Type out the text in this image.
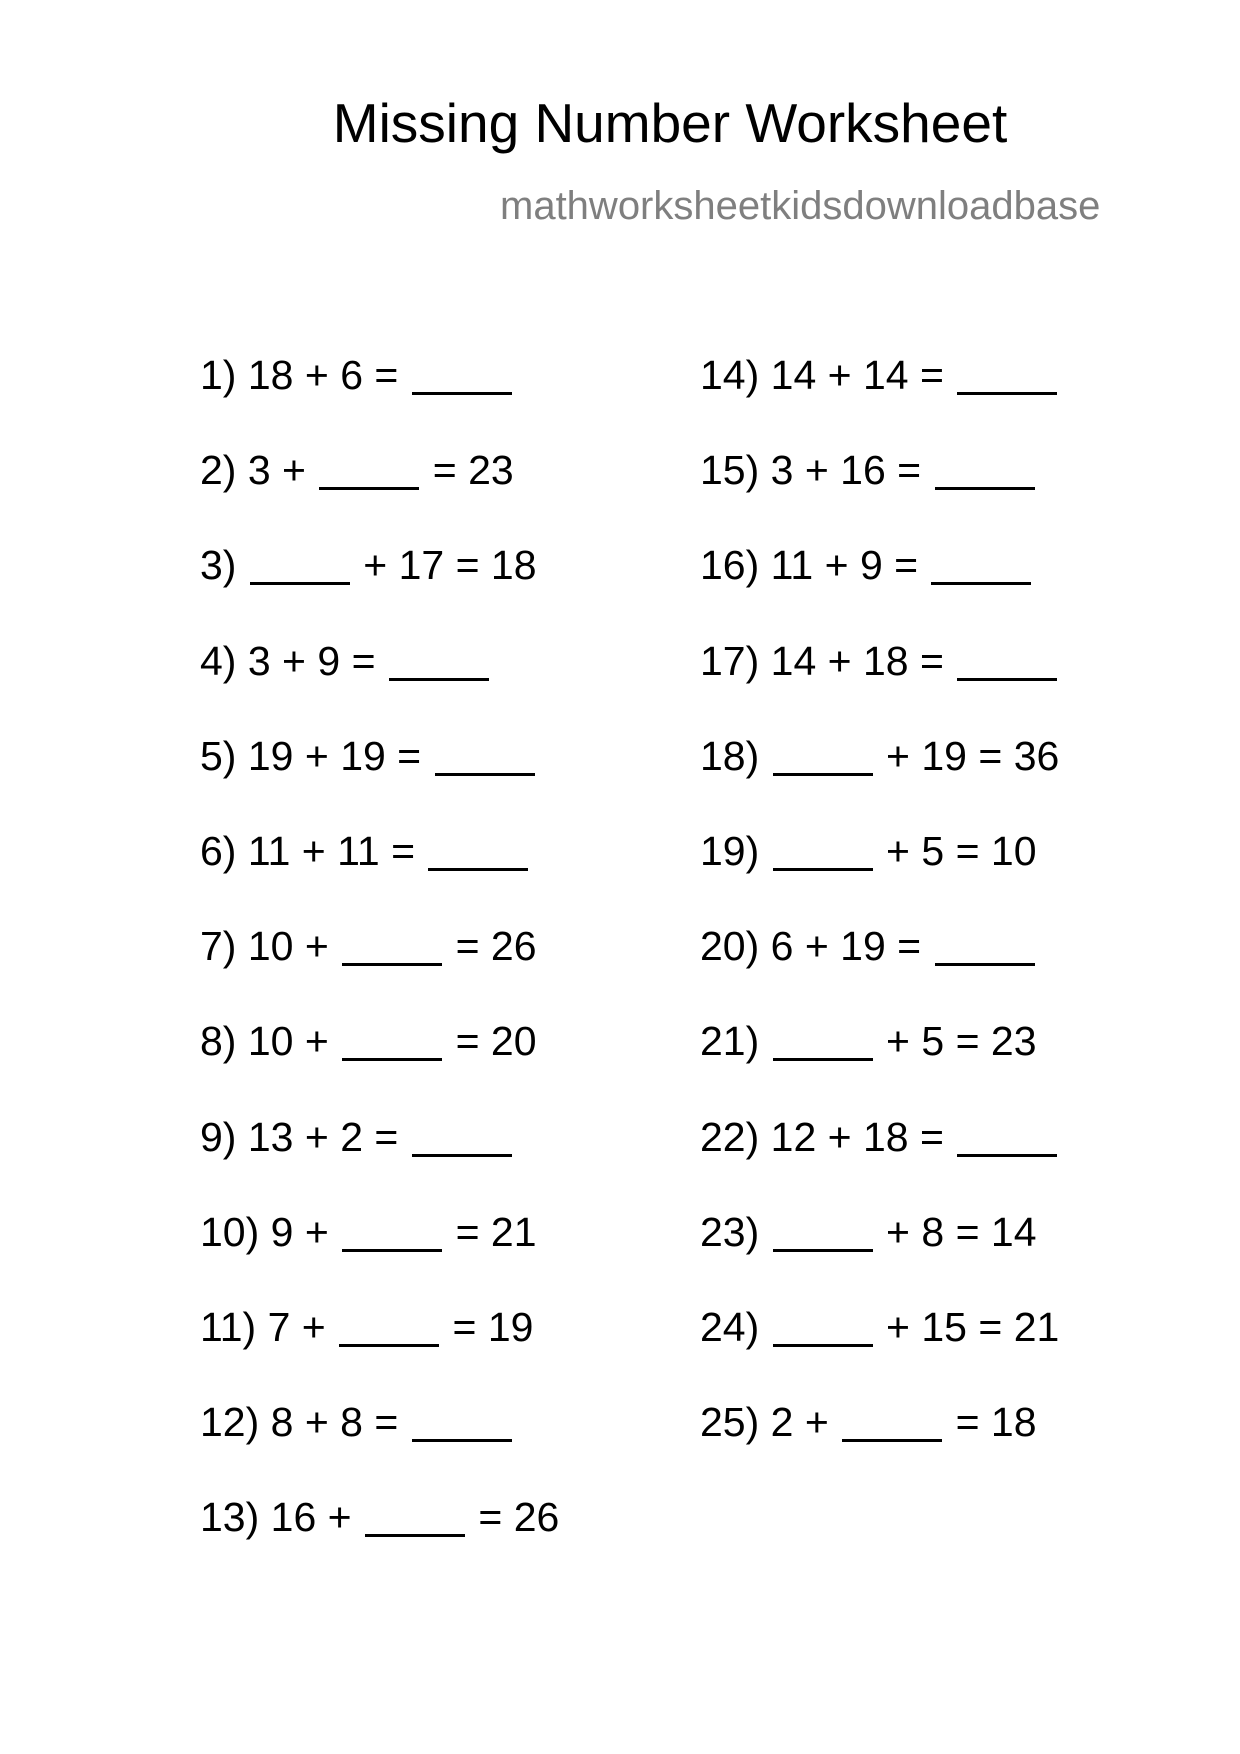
Missing Number Worksheet
mathworksheetkidsdownloadbase
1) 18 + 6 =
2) 3 +	= 23
3)	+ 17 = 18
4) 3 + 9 =
5) 19 + 19 =
6) 11 + 11 =
7) 10 +	= 26
8) 10 +	= 20
9) 13 + 2 =
10) 9 +	= 21
11) 7 +	= 19
12) 8 + 8 =
13) 16 +	= 26
14) 14 + 14 =
15) 3 + 16 =
16) 11 + 9 =
17) 14 + 18 =
18)	+ 19 = 36
19)	+ 5 = 10
20) 6 + 19 =
21)	+ 5 = 23
22) 12 + 18 =
23)	+ 8 = 14
24)	+ 15 = 21
25) 2 +	= 18
